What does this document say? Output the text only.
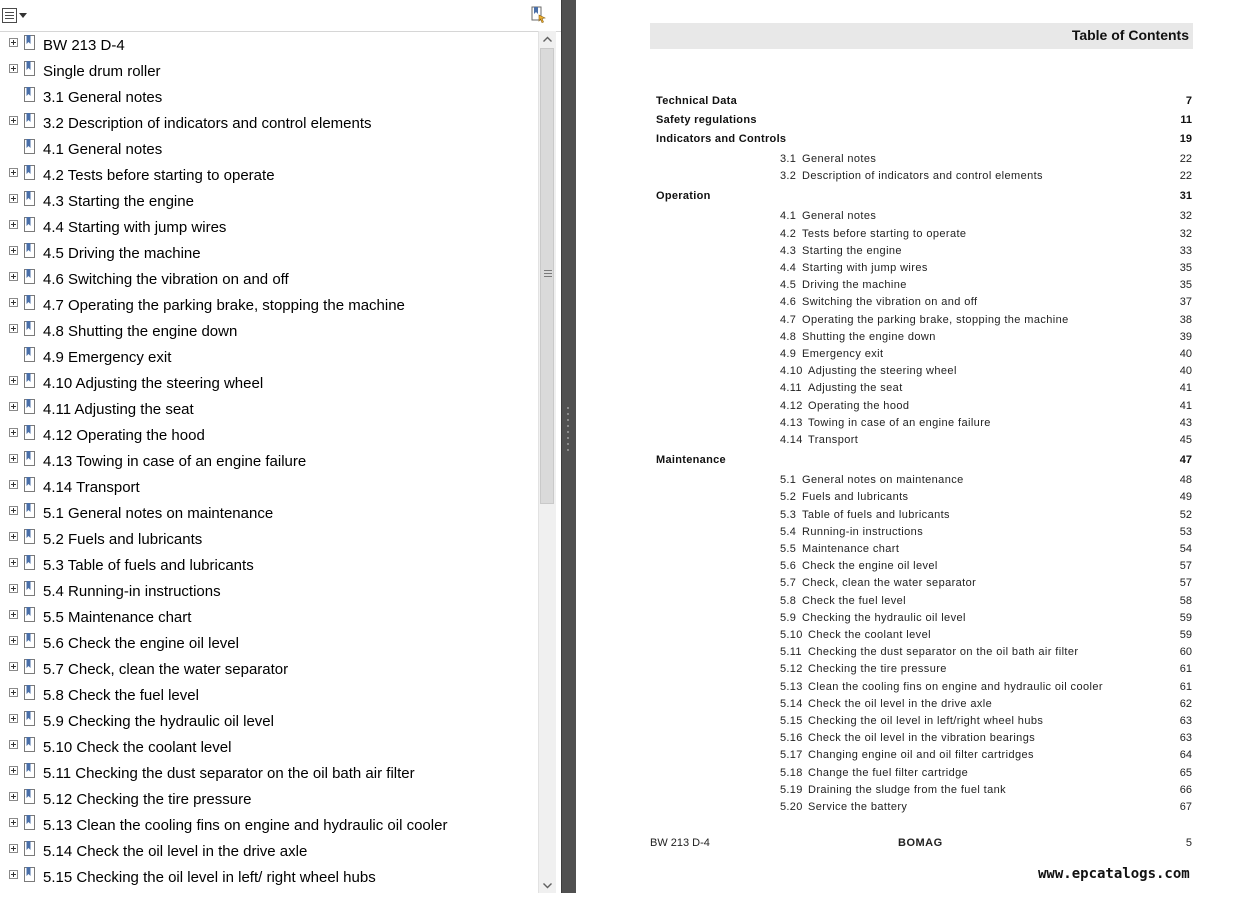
BW 213 D-4
Single drum roller
3.1 General notes
3.2 Description of indicators and control elements
4.1 General notes
4.2 Tests before starting to operate
4.3 Starting the engine
4.4 Starting with jump wires
4.5 Driving the machine
4.6 Switching the vibration on and off
4.7 Operating the parking brake, stopping the machine
4.8 Shutting the engine down
4.9 Emergency exit
4.10 Adjusting the steering wheel
4.11 Adjusting the seat
4.12 Operating the hood
4.13 Towing in case of an engine failure
4.14 Transport
5.1 General notes on maintenance
5.2 Fuels and lubricants
5.3 Table of fuels and lubricants
5.4 Running-in instructions
5.5 Maintenance chart
5.6 Check the engine oil level
5.7 Check, clean the water separator
5.8 Check the fuel level
5.9 Checking the hydraulic oil level
5.10 Check the coolant level
5.11 Checking the dust separator on the oil bath air filter
5.12 Checking the tire pressure
5.13 Clean the cooling fins on engine and hydraulic oil cooler
5.14 Check the oil level in the drive axle
5.15 Checking the oil level in left/ right wheel hubs
Table of Contents
Technical Data	7
Safety regulations	11
Indicators and Controls	19
3.1 General notes	22
3.2 Description of indicators and control elements	22
Operation	31
4.1 General notes	32
4.2 Tests before starting to operate	32
4.3 Starting the engine	33
4.4 Starting with jump wires	35
4.5 Driving the machine	35
4.6 Switching the vibration on and off	37
4.7 Operating the parking brake, stopping the machine	38
4.8 Shutting the engine down	39
4.9 Emergency exit	40
4.10 Adjusting the steering wheel	40
4.11 Adjusting the seat	41
4.12 Operating the hood	41
4.13 Towing in case of an engine failure	43
4.14 Transport	45
Maintenance	47
5.1 General notes on maintenance	48
5.2 Fuels and lubricants	49
5.3 Table of fuels and lubricants	52
5.4 Running-in instructions	53
5.5 Maintenance chart	54
5.6 Check the engine oil level	57
5.7 Check, clean the water separator	57
5.8 Check the fuel level	58
5.9 Checking the hydraulic oil level	59
5.10 Check the coolant level	59
5.11 Checking the dust separator on the oil bath air filter	60
5.12 Checking the tire pressure	61
5.13 Clean the cooling fins on engine and hydraulic oil cooler	61
5.14 Check the oil level in the drive axle	62
5.15 Checking the oil level in left/right wheel hubs	63
5.16 Check the oil level in the vibration bearings	63
5.17 Changing engine oil and oil filter cartridges	64
5.18 Change the fuel filter cartridge	65
5.19 Draining the sludge from the fuel tank	66
5.20 Service the battery	67
BW 213 D-4	BOMAG	5
www.epcatalogs.com
